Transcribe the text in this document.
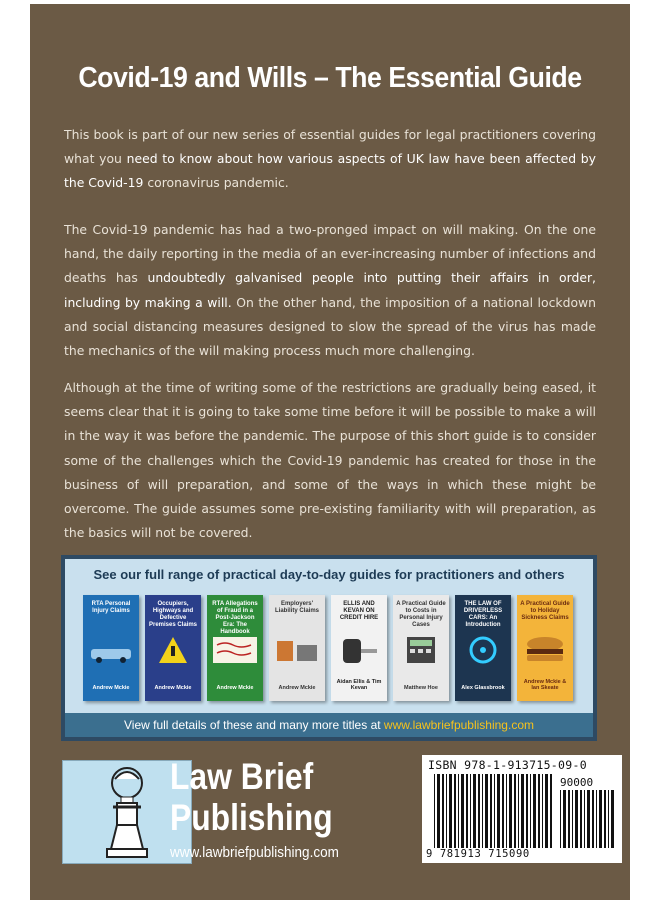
Covid-19 and Wills – The Essential Guide
This book is part of our new series of essential guides for legal practitioners covering what you need to know about how various aspects of UK law have been affected by the Covid-19 coronavirus pandemic.
The Covid-19 pandemic has had a two-pronged impact on will making. On the one hand, the daily reporting in the media of an ever-increasing number of infections and deaths has undoubtedly galvanised people into putting their affairs in order, including by making a will. On the other hand, the imposition of a national lockdown and social distancing measures designed to slow the spread of the virus has made the mechanics of the will making process much more challenging.
Although at the time of writing some of the restrictions are gradually being eased, it seems clear that it is going to take some time before it will be possible to make a will in the way it was before the pandemic. The purpose of this short guide is to consider some of the challenges which the Covid-19 pandemic has created for those in the business of will preparation, and some of the ways in which these might be overcome. The guide assumes some pre-existing familiarity with will preparation, as the basics will not be covered.
See our full range of practical day-to-day guides for practitioners and others
RTA Personal Injury Claims
Andrew Mckie
Occupiers, Highways and Defective Premises Claims
Andrew Mckie
RTA Allegations of Fraud in a Post-Jackson Era: The Handbook
Andrew Mckie
Employers' Liability Claims
Andrew Mckie
ELLIS AND KEVAN ON CREDIT HIRE
Aidan Ellis & Tim Kevan
A Practical Guide to Costs in Personal Injury Cases
Matthew Hoe
THE LAW OF DRIVERLESS CARS: An Introduction
Alex Glassbrook
A Practical Guide to Holiday Sickness Claims
Andrew Mckie & Ian Skeate
View full details of these and many more titles at www.lawbriefpublishing.com
Law Brief
Publishing
www.lawbriefpublishing.com
ISBN 978-1-913715-09-0
90000
9 781913 715090
